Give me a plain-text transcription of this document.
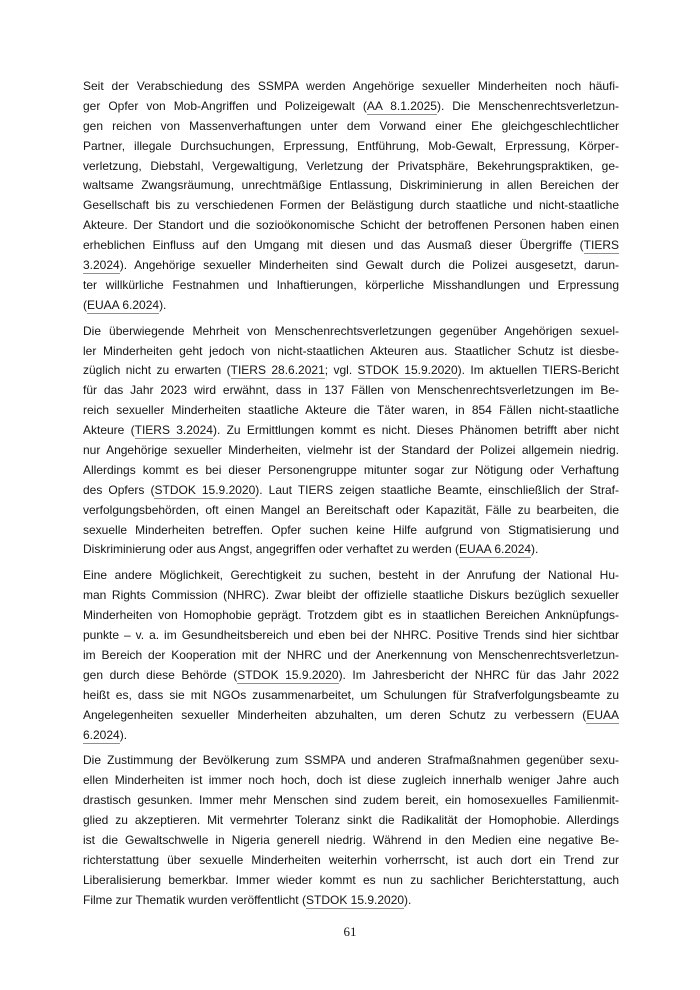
Seit der Verabschiedung des SSMPA werden Angehörige sexueller Minderheiten noch häufi-
ger Opfer von Mob-Angriffen und Polizeigewalt (AA 8.1.2025). Die Menschenrechtsverletzun-
gen reichen von Massenverhaftungen unter dem Vorwand einer Ehe gleichgeschlechtlicher
Partner, illegale Durchsuchungen, Erpressung, Entführung, Mob-Gewalt, Erpressung, Körper-
verletzung, Diebstahl, Vergewaltigung, Verletzung der Privatsphäre, Bekehrungspraktiken, ge-
waltsame Zwangsräumung, unrechtmäßige Entlassung, Diskriminierung in allen Bereichen der
Gesellschaft bis zu verschiedenen Formen der Belästigung durch staatliche und nicht-staatliche
Akteure. Der Standort und die sozioökonomische Schicht der betroffenen Personen haben einen
erheblichen Einfluss auf den Umgang mit diesen und das Ausmaß dieser Übergriffe (TIERS
3.2024). Angehörige sexueller Minderheiten sind Gewalt durch die Polizei ausgesetzt, darun-
ter willkürliche Festnahmen und Inhaftierungen, körperliche Misshandlungen und Erpressung
(EUAA 6.2024).
Die überwiegende Mehrheit von Menschenrechtsverletzungen gegenüber Angehörigen sexuel-
ler Minderheiten geht jedoch von nicht-staatlichen Akteuren aus. Staatlicher Schutz ist diesbe-
züglich nicht zu erwarten (TIERS 28.6.2021; vgl. STDOK 15.9.2020). Im aktuellen TIERS-Bericht
für das Jahr 2023 wird erwähnt, dass in 137 Fällen von Menschenrechtsverletzungen im Be-
reich sexueller Minderheiten staatliche Akteure die Täter waren, in 854 Fällen nicht-staatliche
Akteure (TIERS 3.2024). Zu Ermittlungen kommt es nicht. Dieses Phänomen betrifft aber nicht
nur Angehörige sexueller Minderheiten, vielmehr ist der Standard der Polizei allgemein niedrig.
Allerdings kommt es bei dieser Personengruppe mitunter sogar zur Nötigung oder Verhaftung
des Opfers (STDOK 15.9.2020). Laut TIERS zeigen staatliche Beamte, einschließlich der Straf-
verfolgungsbehörden, oft einen Mangel an Bereitschaft oder Kapazität, Fälle zu bearbeiten, die
sexuelle Minderheiten betreffen. Opfer suchen keine Hilfe aufgrund von Stigmatisierung und
Diskriminierung oder aus Angst, angegriffen oder verhaftet zu werden (EUAA 6.2024).
Eine andere Möglichkeit, Gerechtigkeit zu suchen, besteht in der Anrufung der National Hu-
man Rights Commission (NHRC). Zwar bleibt der offizielle staatliche Diskurs bezüglich sexueller
Minderheiten von Homophobie geprägt. Trotzdem gibt es in staatlichen Bereichen Anknüpfungs-
punkte – v. a. im Gesundheitsbereich und eben bei der NHRC. Positive Trends sind hier sichtbar
im Bereich der Kooperation mit der NHRC und der Anerkennung von Menschenrechtsverletzun-
gen durch diese Behörde (STDOK 15.9.2020). Im Jahresbericht der NHRC für das Jahr 2022
heißt es, dass sie mit NGOs zusammenarbeitet, um Schulungen für Strafverfolgungsbeamte zu
Angelegenheiten sexueller Minderheiten abzuhalten, um deren Schutz zu verbessern (EUAA
6.2024).
Die Zustimmung der Bevölkerung zum SSMPA und anderen Strafmaßnahmen gegenüber sexu-
ellen Minderheiten ist immer noch hoch, doch ist diese zugleich innerhalb weniger Jahre auch
drastisch gesunken. Immer mehr Menschen sind zudem bereit, ein homosexuelles Familienmit-
glied zu akzeptieren. Mit vermehrter Toleranz sinkt die Radikalität der Homophobie. Allerdings
ist die Gewaltschwelle in Nigeria generell niedrig. Während in den Medien eine negative Be-
richterstattung über sexuelle Minderheiten weiterhin vorherrscht, ist auch dort ein Trend zur
Liberalisierung bemerkbar. Immer wieder kommt es nun zu sachlicher Berichterstattung, auch
Filme zur Thematik wurden veröffentlicht (STDOK 15.9.2020).
61
